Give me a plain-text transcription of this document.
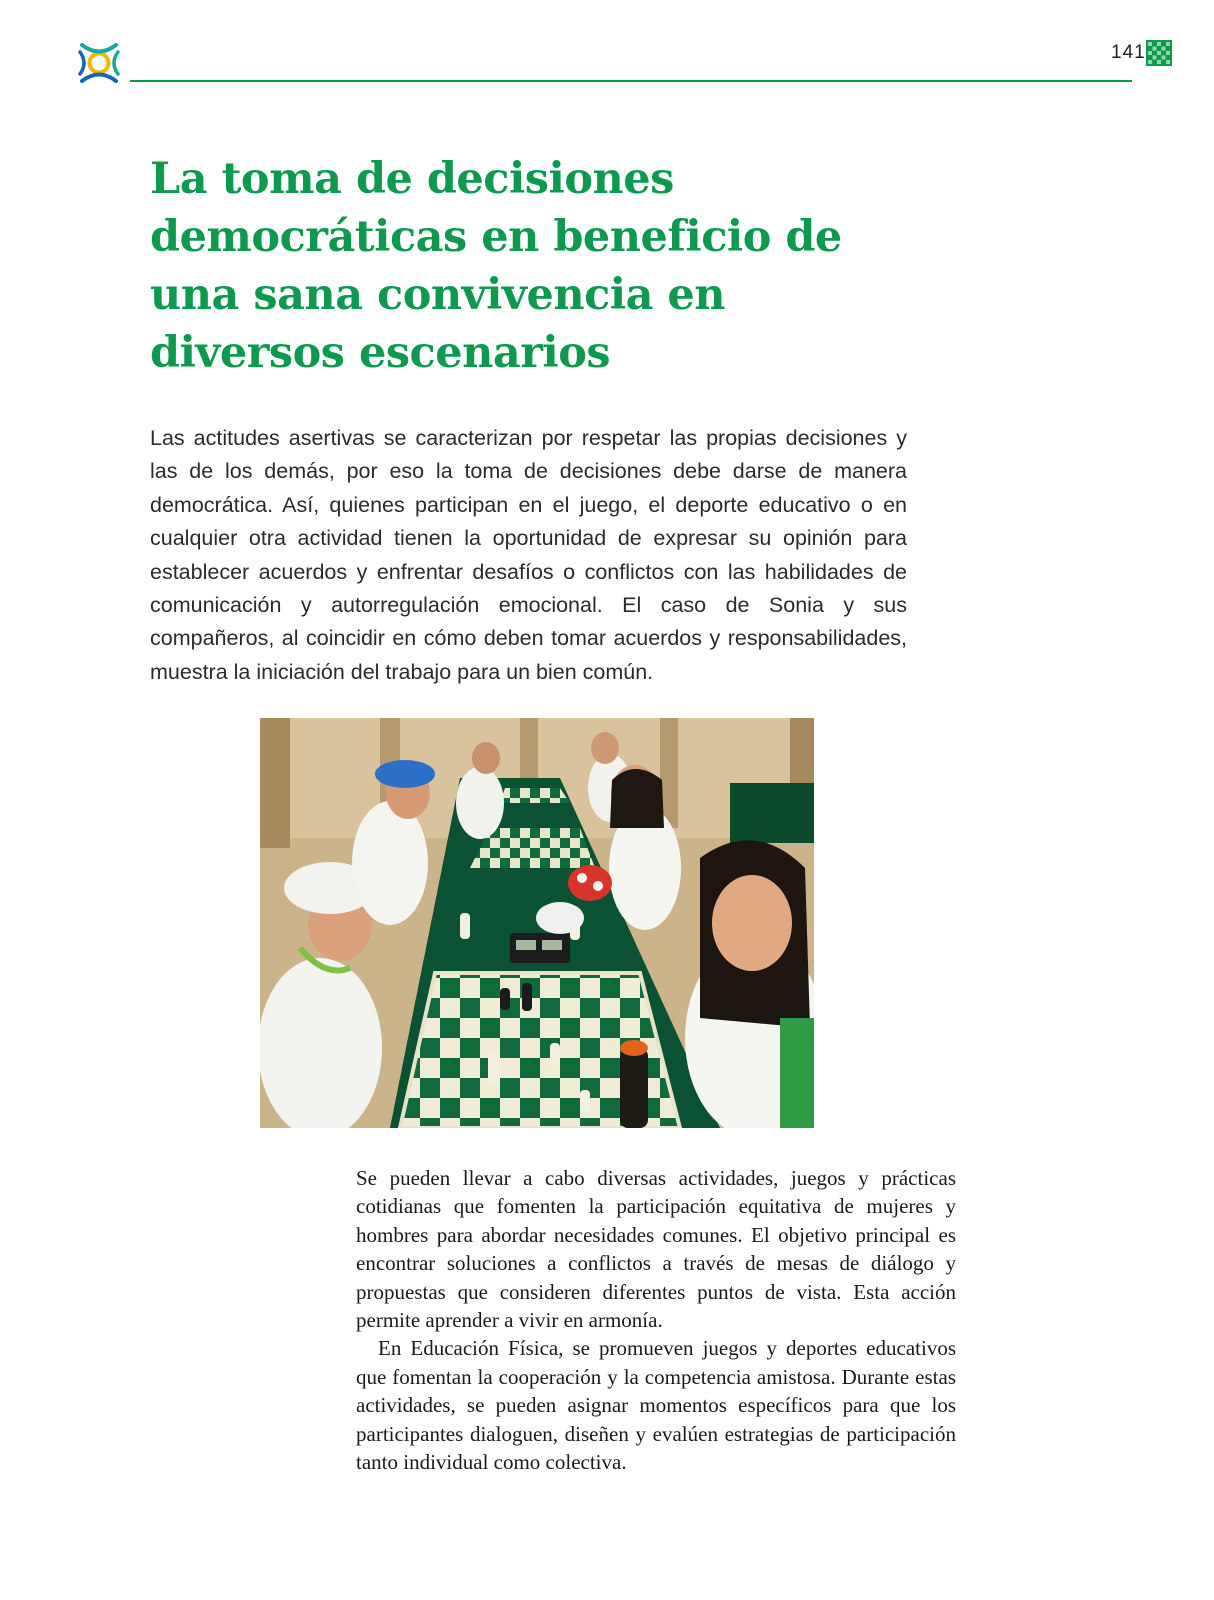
141
La toma de decisiones democráticas en beneficio de una sana convivencia en diversos escenarios

Las actitudes asertivas se caracterizan por respetar las propias decisiones y las de los demás, por eso la toma de decisiones debe darse de manera democrática. Así, quienes participan en el juego, el deporte educativo o en cualquier otra actividad tienen la oportunidad de expresar su opinión para establecer acuerdos y enfrentar desafíos o conflictos con las habilidades de comunicación y autorregulación emocional. El caso de Sonia y sus compañeros, al coincidir en cómo deben tomar acuerdos y responsabilidades, muestra la iniciación del trabajo para un bien común.

Se pueden llevar a cabo diversas actividades, juegos y prácticas cotidianas que fomenten la participación equitativa de mujeres y hombres para abordar necesidades comunes. El objetivo principal es encontrar soluciones a conflictos a través de mesas de diálogo y propuestas que consideren diferentes puntos de vista. Esta acción permite aprender a vivir en armonía.

En Educación Física, se promueven juegos y deportes educativos que fomentan la cooperación y la competencia amistosa. Durante estas actividades, se pueden asignar momentos específicos para que los participantes dialoguen, diseñen y evalúen estrategias de participación tanto individual como colectiva.
